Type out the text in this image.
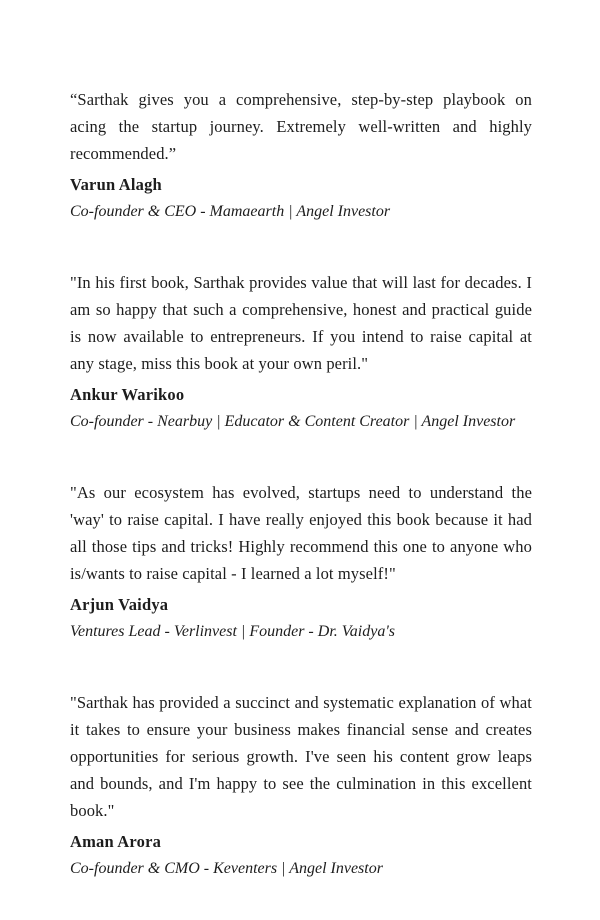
“Sarthak gives you a comprehensive, step-by-step playbook on acing the startup journey. Extremely well-written and highly recommended.”

Varun Alagh

Co-founder & CEO - Mamaearth | Angel Investor

"In his first book, Sarthak provides value that will last for decades. I am so happy that such a comprehensive, honest and practical guide is now available to entrepreneurs. If you intend to raise capital at any stage, miss this book at your own peril."

Ankur Warikoo

Co-founder - Nearbuy | Educator & Content Creator | Angel Investor

"As our ecosystem has evolved, startups need to understand the 'way' to raise capital. I have really enjoyed this book because it had all those tips and tricks! Highly recommend this one to anyone who is/wants to raise capital - I learned a lot myself!"

Arjun Vaidya

Ventures Lead - Verlinvest | Founder - Dr. Vaidya's

"Sarthak has provided a succinct and systematic explanation of what it takes to ensure your business makes financial sense and creates opportunities for serious growth. I've seen his content grow leaps and bounds, and I'm happy to see the culmination in this excellent book."

Aman Arora

Co-founder & CMO - Keventers | Angel Investor
